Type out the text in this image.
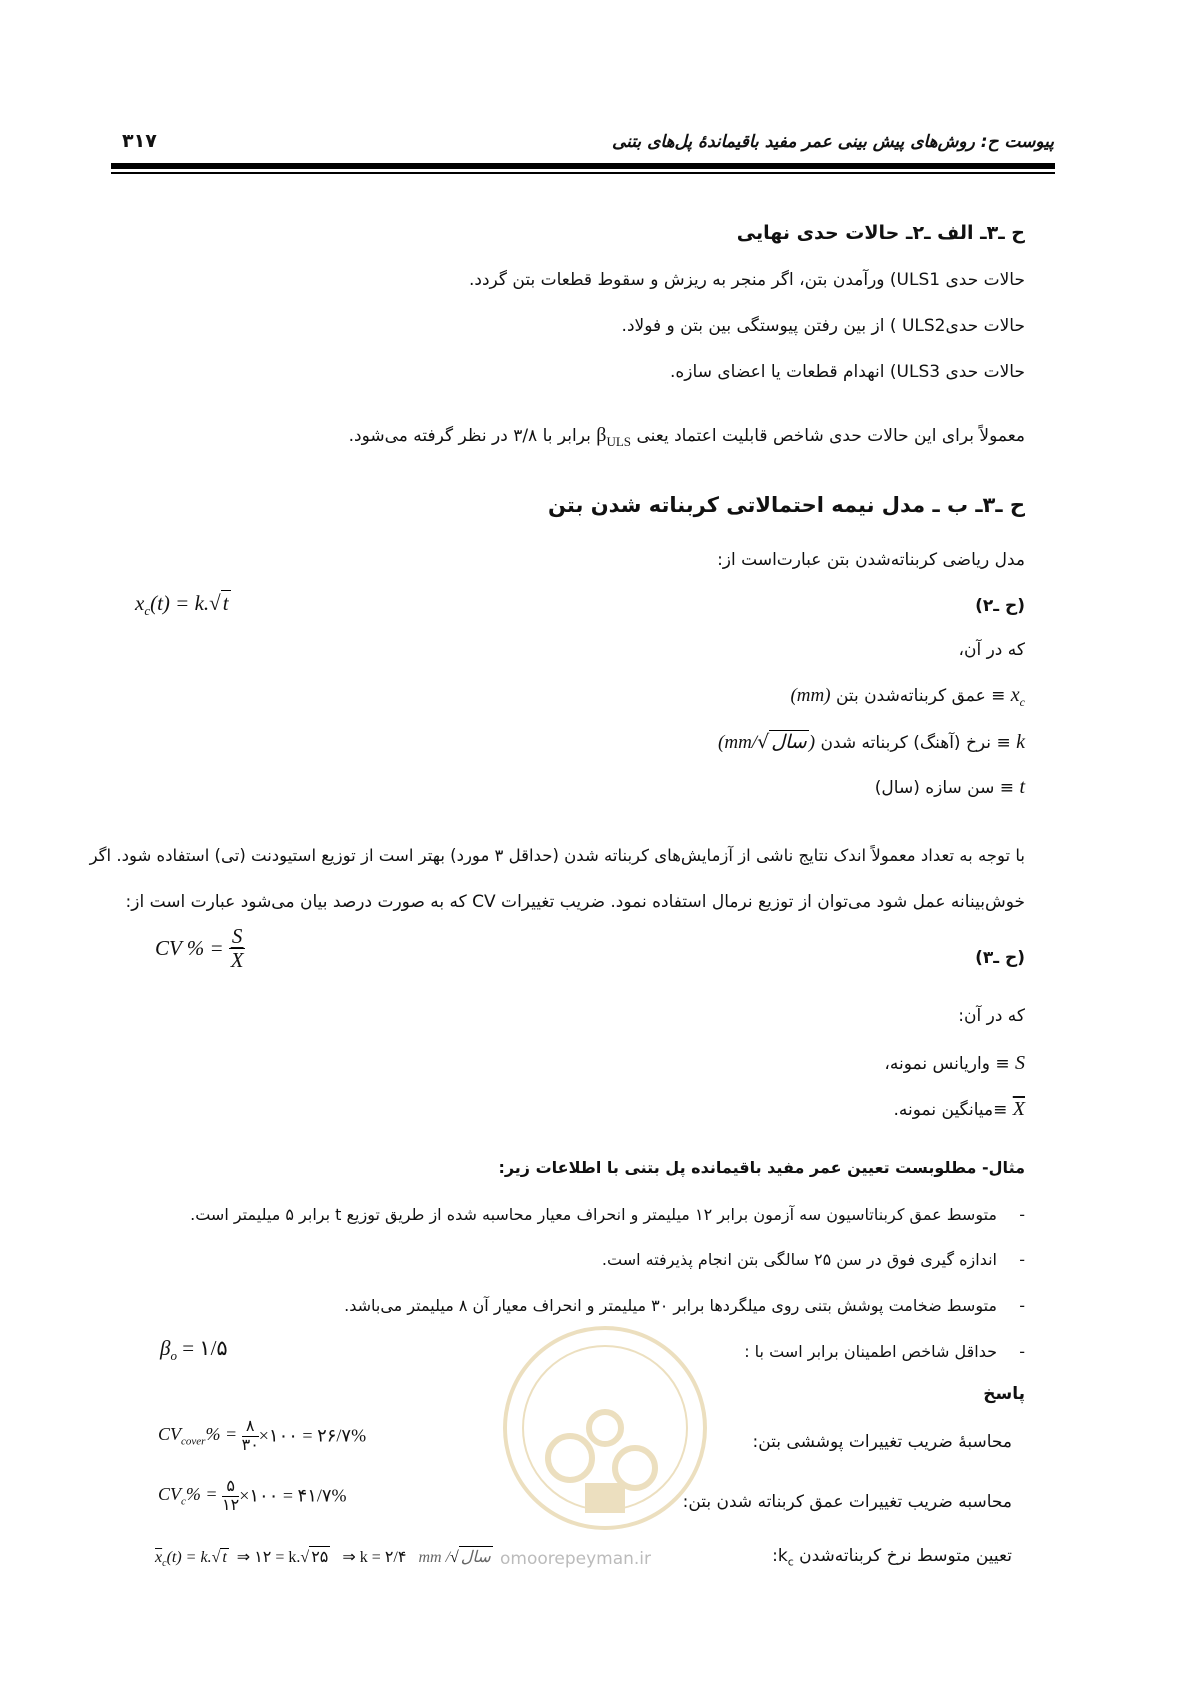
پیوست ح: روش‌های پیش بینی عمر مفید باقیماندهٔ پل‌های بتنی
۳۱۷
ح ـ۳ـ الف ـ۲ـ حالات حدی نهایی
حالات حدی ULS1) ورآمدن بتن، اگر منجر به ریزش و سقوط قطعات بتن گردد.
حالات حدیULS2 ) از بین رفتن پیوستگی بین بتن و فولاد.
حالات حدی ULS3) انهدام قطعات یا اعضای سازه.
معمولاً برای این حالات حدی شاخص قابلیت اعتماد یعنی $\beta_{ULS}$ برابر با ۳/۸ در نظر گرفته می‌شود.
ح ـ۳ـ ب ـ مدل نیمه احتمالاتی کربناته شدن بتن
مدل ریاضی کربناته‌شدن بتن عبارت‌است از:
(ح ـ۲)
$x_c(t) = k.√t$
که در آن،
$x_c$ ≡ عمق کربناته‌شدن بتن (mm)
k ≡ نرخ (آهنگ) کربناته شدن (mm/√ سال )
t ≡ سن سازه (سال)
با توجه به تعداد معمولاً اندک نتایج ناشی از آزمایش‌های کربناته شدن (حداقل ۳ مورد) بهتر است از توزیع استیودنت (تی) استفاده شود. اگر
خوش‌بینانه عمل شود می‌توان از توزیع نرمال استفاده نمود. ضریب تغییرات CV که به صورت درصد بیان می‌شود عبارت است از:
(ح ـ۳)
CV % = $\frac{S}{X}$
که در آن:
S ≡ واریانس نمونه،
X ≡میانگین نمونه.
مثال- مطلوبست تعیین عمر مفید باقیمانده پل بتنی با اطلاعات زیر:
-
متوسط عمق کربناتاسیون سه آزمون برابر ۱۲ میلیمتر و انحراف معیار محاسبه شده از طریق توزیع t برابر ۵ میلیمتر است.
-
اندازه گیری فوق در سن ۲۵ سالگی بتن انجام پذیرفته است.
-
متوسط ضخامت پوشش بتنی روی میلگردها برابر ۳۰ میلیمتر و انحراف معیار آن ۸ میلیمتر می‌باشد.
-
حداقل شاخص اطمینان برابر است با :
$\beta_o$ = ۱/۵
پاسخ
محاسبهٔ ضریب تغییرات پوششی بتن:
$CV_{cover}\% = \frac{۸}{۳۰}$ ×۱۰۰ = ۲۶/۷%
محاسبه ضریب تغییرات عمق کربناته شدن بتن:
$CV_c\% = \frac{۵}{۱۲}$ ×۱۰۰ = ۴۱/۷%
تعیین متوسط نرخ کربناته‌شدن $k_c$:
$\overline{x}_c(t) = k.√$ t ⇒ ۱۲ = k.√ ۲۵ ⇒ k = ۲/۴ mm /√ سال omoorepeyman.ir
